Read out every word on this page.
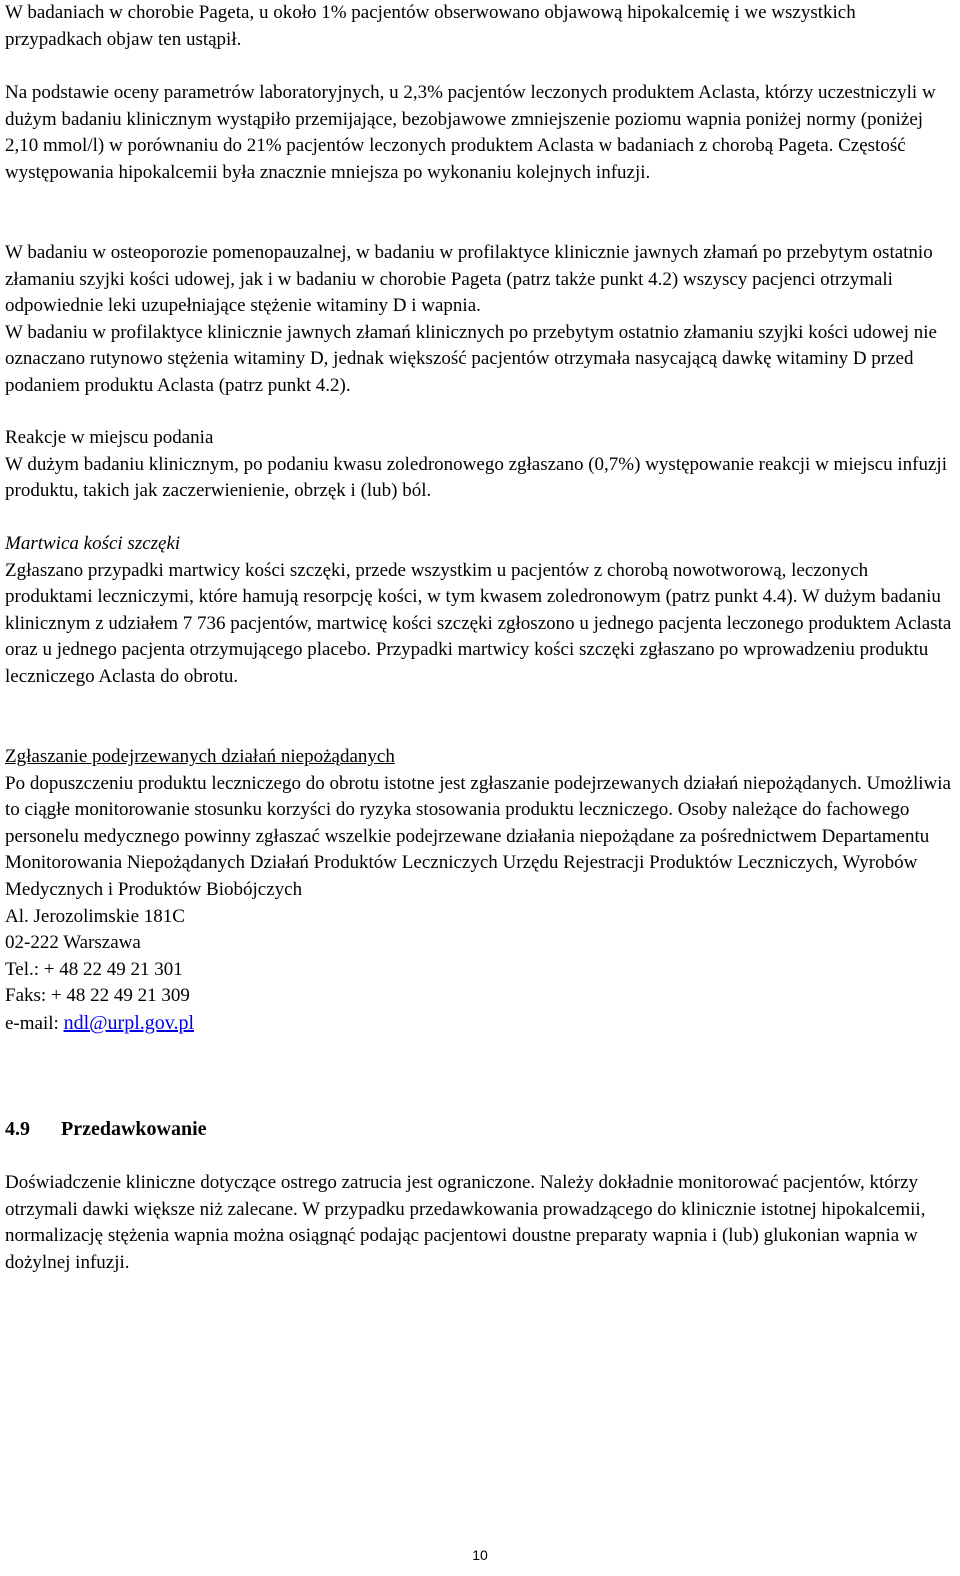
W badaniach w chorobie Pageta, u około 1% pacjentów obserwowano objawową hipokalcemię i we wszystkich przypadkach objaw ten ustąpił.

Na podstawie oceny parametrów laboratoryjnych, u 2,3% pacjentów leczonych produktem Aclasta, którzy uczestniczyli w dużym badaniu klinicznym wystąpiło przemijające, bezobjawowe zmniejszenie poziomu wapnia poniżej normy (poniżej 2,10 mmol/l) w porównaniu do 21% pacjentów leczonych produktem Aclasta w badaniach z chorobą Pageta. Częstość występowania hipokalcemii była znacznie mniejsza po wykonaniu kolejnych infuzji.

W badaniu w osteoporozie pomenopauzalnej, w badaniu w profilaktyce klinicznie jawnych złamań po przebytym ostatnio złamaniu szyjki kości udowej, jak i w badaniu w chorobie Pageta (patrz także punkt 4.2) wszyscy pacjenci otrzymali odpowiednie leki uzupełniające stężenie witaminy D i wapnia.

W badaniu w profilaktyce klinicznie jawnych złamań klinicznych po przebytym ostatnio złamaniu szyjki kości udowej nie oznaczano rutynowo stężenia witaminy D, jednak większość pacjentów otrzymała nasycającą dawkę witaminy D przed podaniem produktu Aclasta (patrz punkt 4.2).

Reakcje w miejscu podania

W dużym badaniu klinicznym, po podaniu kwasu zoledronowego zgłaszano (0,7%) występowanie reakcji w miejscu infuzji produktu, takich jak zaczerwienienie, obrzęk i (lub) ból.

Martwica kości szczęki

Zgłaszano przypadki martwicy kości szczęki, przede wszystkim u pacjentów z chorobą nowotworową, leczonych produktami leczniczymi, które hamują resorpcję kości, w tym kwasem zoledronowym (patrz punkt 4.4). W dużym badaniu klinicznym z udziałem 7 736 pacjentów, martwicę kości szczęki zgłoszono u jednego pacjenta leczonego produktem Aclasta oraz u jednego pacjenta otrzymującego placebo. Przypadki martwicy kości szczęki zgłaszano po wprowadzeniu produktu leczniczego Aclasta do obrotu.

Zgłaszanie podejrzewanych działań niepożądanych

Po dopuszczeniu produktu leczniczego do obrotu istotne jest zgłaszanie podejrzewanych działań niepożądanych. Umożliwia to ciągłe monitorowanie stosunku korzyści do ryzyka stosowania produktu leczniczego. Osoby należące do fachowego personelu medycznego powinny zgłaszać wszelkie podejrzewane działania niepożądane za pośrednictwem Departamentu Monitorowania Niepożądanych Działań Produktów Leczniczych Urzędu Rejestracji Produktów Leczniczych, Wyrobów Medycznych i Produktów Biobójczych

Al. Jerozolimskie 181C

02-222 Warszawa

Tel.: + 48 22 49 21 301

Faks: + 48 22 49 21 309

e-mail: ndl@urpl.gov.pl

4.9 Przedawkowanie

Doświadczenie kliniczne dotyczące ostrego zatrucia jest ograniczone. Należy dokładnie monitorować pacjentów, którzy otrzymali dawki większe niż zalecane. W przypadku przedawkowania prowadzącego do klinicznie istotnej hipokalcemii, normalizację stężenia wapnia można osiągnąć podając pacjentowi doustne preparaty wapnia i (lub) glukonian wapnia w dożylnej infuzji.

10
